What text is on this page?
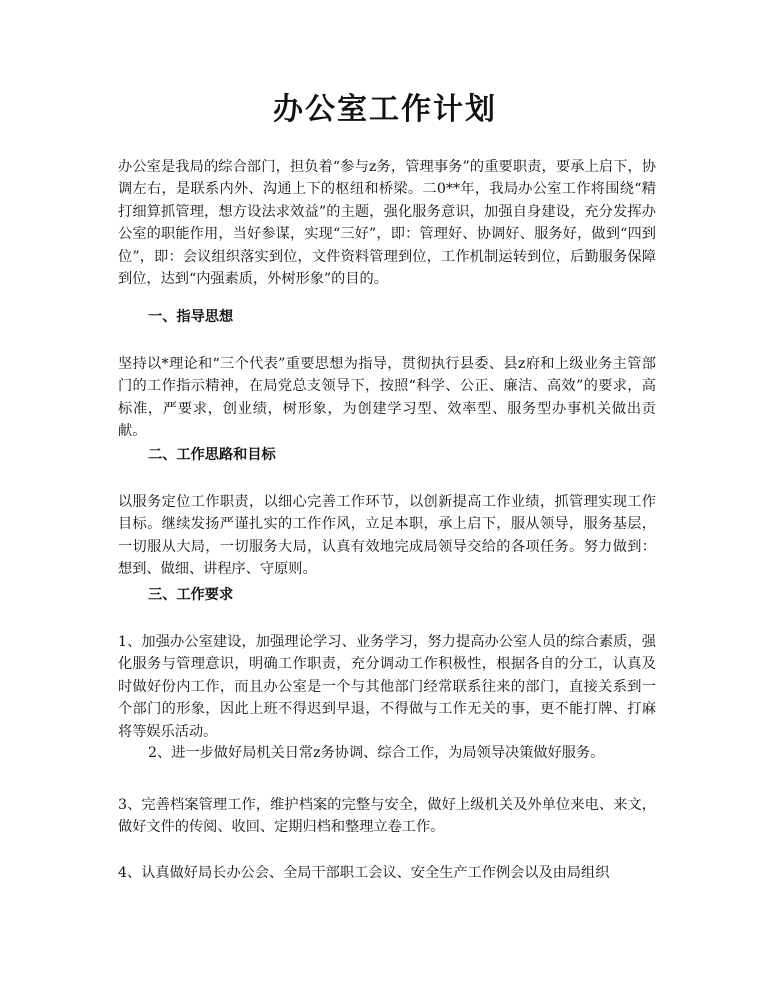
办公室工作计划

办公室是我局的综合部门，担负着“参与z务，管理事务”的重要职责，要承上启下，协调左右，是联系内外、沟通上下的枢纽和桥梁。二0**年，我局办公室工作将围绕“精打细算抓管理，想方设法求效益”的主题，强化服务意识，加强自身建设，充分发挥办公室的职能作用，当好参谋，实现“三好”，即：管理好、协调好、服务好，做到“四到位”，即：会议组织落实到位，文件资料管理到位，工作机制运转到位，后勤服务保障到位，达到“内强素质，外树形象”的目的。

一、指导思想

坚持以*理论和“三个代表”重要思想为指导，贯彻执行县委、县z府和上级业务主管部门的工作指示精神，在局党总支领导下，按照“科学、公正、廉洁、高效”的要求，高标准，严要求，创业绩，树形象，为创建学习型、效率型、服务型办事机关做出贡献。

二、工作思路和目标

以服务定位工作职责，以细心完善工作环节，以创新提高工作业绩，抓管理实现工作目标。继续发扬严谨扎实的工作作风，立足本职，承上启下，服从领导，服务基层，一切服从大局，一切服务大局，认真有效地完成局领导交给的各项任务。努力做到：想到、做细、讲程序、守原则。

三、工作要求

1、加强办公室建设，加强理论学习、业务学习，努力提高办公室人员的综合素质，强化服务与管理意识，明确工作职责，充分调动工作积极性，根据各自的分工，认真及时做好份内工作，而且办公室是一个与其他部门经常联系往来的部门，直接关系到一个部门的形象，因此上班不得迟到早退，不得做与工作无关的事，更不能打牌、打麻将等娱乐活动。

2、进一步做好局机关日常z务协调、综合工作，为局领导决策做好服务。

3、完善档案管理工作，维护档案的完整与安全，做好上级机关及外单位来电、来文，做好文件的传阅、收回、定期归档和整理立卷工作。

4、认真做好局长办公会、全局干部职工会议、安全生产工作例会以及由局组织
